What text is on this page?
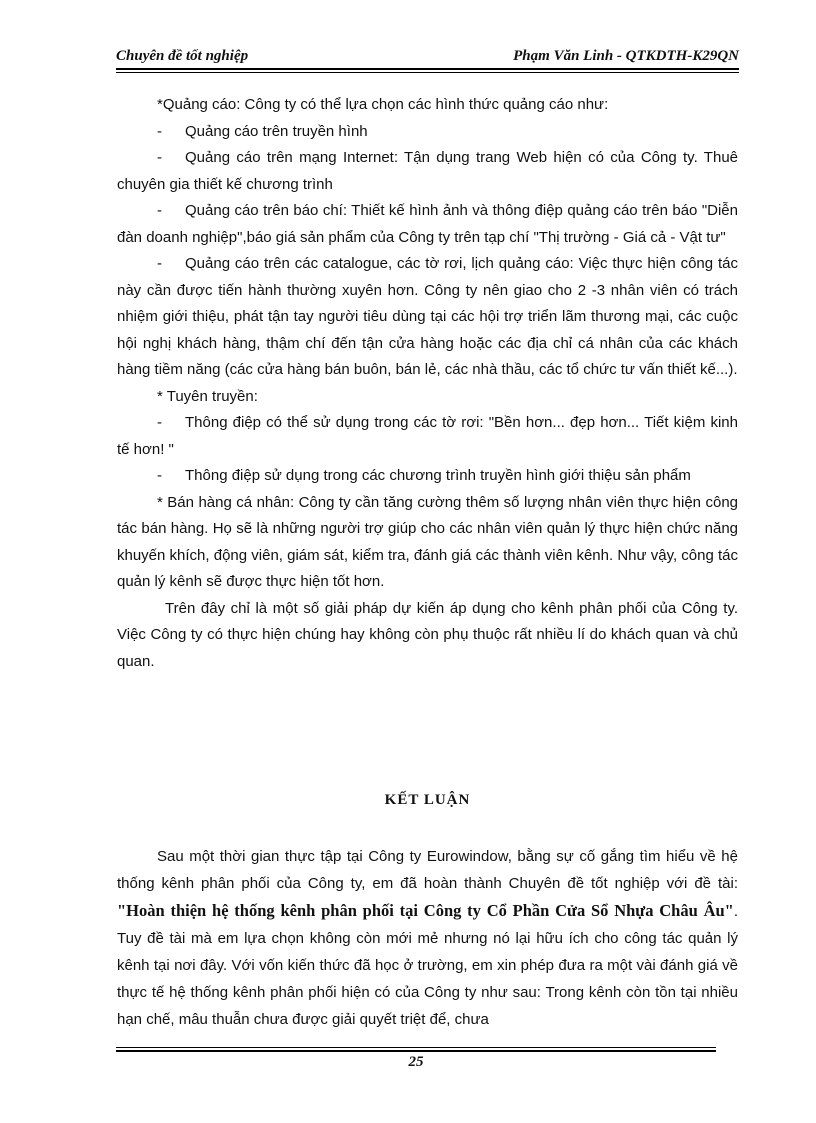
Chuyên đề tốt nghiệp	Phạm Văn Linh - QTKDTH-K29QN

*Quảng cáo: Công ty có thể lựa chọn các hình thức quảng cáo như:

- Quảng cáo trên truyền hình

- Quảng cáo trên mạng Internet: Tận dụng trang Web hiện có của Công ty. Thuê chuyên gia thiết kế chương trình

- Quảng cáo trên báo chí: Thiết kế hình ảnh và thông điệp quảng cáo trên báo "Diễn đàn doanh nghiệp",báo giá sản phẩm của Công ty trên tạp chí "Thị trường - Giá cả - Vật tư"

- Quảng cáo trên các catalogue, các tờ rơi, lịch quảng cáo: Việc thực hiện công tác này cần được tiến hành thường xuyên hơn. Công ty nên giao cho 2 -3 nhân viên có trách nhiệm giới thiệu, phát tận tay người tiêu dùng tại các hội trợ triển lãm thương mại, các cuộc hội nghị khách hàng, thậm chí đến tận cửa hàng hoặc các địa chỉ cá nhân của các khách hàng tiềm năng (các cửa hàng bán buôn, bán lẻ, các nhà thầu, các tổ chức tư vấn thiết kế...).

* Tuyên truyền:

- Thông điệp có thể sử dụng trong các tờ rơi: "Bền hơn... đẹp hơn... Tiết kiệm kinh tế hơn! "

- Thông điệp sử dụng trong các chương trình truyền hình giới thiệu sản phẩm

* Bán hàng cá nhân: Công ty cần tăng cường thêm số lượng nhân viên thực hiện công tác bán hàng. Họ sẽ là những người trợ giúp cho các nhân viên quản lý thực hiện chức năng khuyến khích, động viên, giám sát, kiểm tra, đánh giá các thành viên kênh. Như vậy, công tác quản lý kênh sẽ được thực hiện tốt hơn.

Trên đây chỉ là một số giải pháp dự kiến áp dụng cho kênh phân phối của Công ty. Việc Công ty có thực hiện chúng hay không còn phụ thuộc rất nhiều lí do khách quan và chủ quan.

KẾT LUẬN

Sau một thời gian thực tập tại Công ty Eurowindow, bằng sự cố gắng tìm hiểu về hệ thống kênh phân phối của Công ty, em đã hoàn thành Chuyên đề tốt nghiệp với đề tài: "Hoàn thiện hệ thống kênh phân phối tại Công ty Cổ Phần Cửa Sổ Nhựa Châu Âu". Tuy đề tài mà em lựa chọn không còn mới mẻ nhưng nó lại hữu ích cho công tác quản lý kênh tại nơi đây. Với vốn kiến thức đã học ở trường, em xin phép đưa ra một vài đánh giá về thực tế hệ thống kênh phân phối hiện có của Công ty như sau: Trong kênh còn tồn tại nhiều hạn chế, mâu thuẫn chưa được giải quyết triệt để, chưa

25
